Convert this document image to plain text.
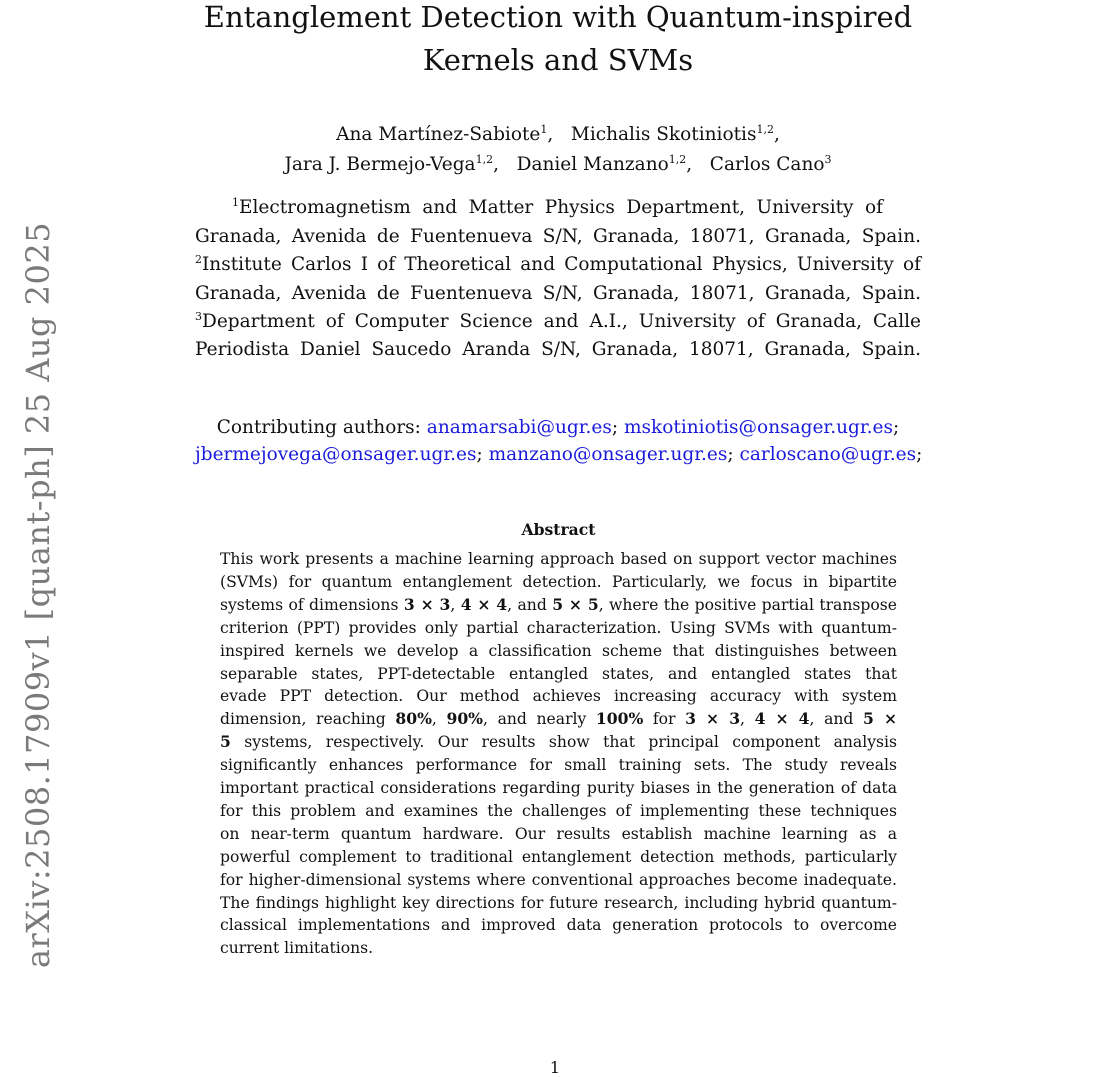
arXiv:2508.17909v1 [quant-ph] 25 Aug 2025
Entanglement Detection with Quantum-inspired
Kernels and SVMs
Ana Martínez-Sabiote$^1$,   Michalis Skotiniotis$^{1,2}$,
Jara J. Bermejo-Vega$^{1,2}$,   Daniel Manzano$^{1,2}$,   Carlos Cano$^3$
$^1$Electromagnetism and Matter Physics Department, University of
Granada, Avenida de Fuentenueva S/N, Granada, 18071, Granada, Spain.
$^2$Institute Carlos I of Theoretical and Computational Physics, University of
Granada, Avenida de Fuentenueva S/N, Granada, 18071, Granada, Spain.
$^3$Department of Computer Science and A.I., University of Granada, Calle
Periodista Daniel Saucedo Aranda S/N, Granada, 18071, Granada, Spain.
Contributing authors: anamarsabi@ugr.es; mskotiniotis@onsager.ugr.es;
jbermejovega@onsager.ugr.es; manzano@onsager.ugr.es; carloscano@ugr.es;
Abstract
This work presents a machine learning approach based on support vector machines
(SVMs) for quantum entanglement detection. Particularly, we focus in bipartite
systems of dimensions 3 × 3, 4 × 4, and 5 × 5, where the positive partial transpose
criterion (PPT) provides only partial characterization. Using SVMs with quantum-
inspired kernels we develop a classification scheme that distinguishes between
separable states, PPT-detectable entangled states, and entangled states that
evade PPT detection. Our method achieves increasing accuracy with system
dimension, reaching 80%, 90%, and nearly 100% for 3 × 3, 4 × 4, and 5 ×
5 systems, respectively. Our results show that principal component analysis
significantly enhances performance for small training sets. The study reveals
important practical considerations regarding purity biases in the generation of data
for this problem and examines the challenges of implementing these techniques
on near-term quantum hardware. Our results establish machine learning as a
powerful complement to traditional entanglement detection methods, particularly
for higher-dimensional systems where conventional approaches become inadequate.
The findings highlight key directions for future research, including hybrid quantum-
classical implementations and improved data generation protocols to overcome
current limitations.
1
